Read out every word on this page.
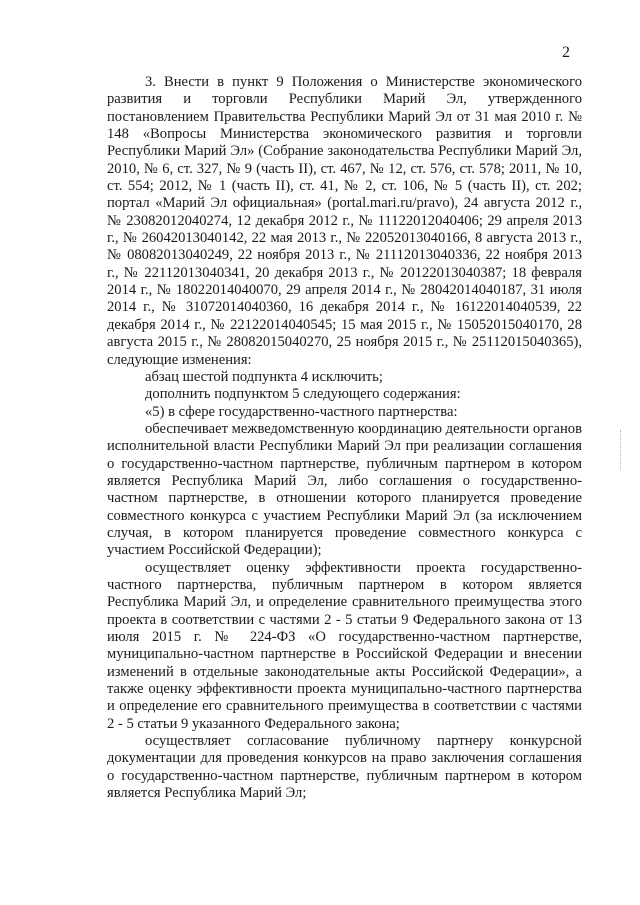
2

3. Внести в пункт 9 Положения о Министерстве экономического развития и торговли Республики Марий Эл, утвержденного постановлением Правительства Республики Марий Эл от 31 мая 2010 г. № 148 «Вопросы Министерства экономического развития и торговли Республики Марий Эл» (Собрание законодательства Республики Марий Эл, 2010, № 6, ст. 327, № 9 (часть II), ст. 467, № 12, ст. 576, ст. 578; 2011, № 10, ст. 554; 2012, № 1 (часть II), ст. 41, № 2, ст. 106, № 5 (часть II), ст. 202; портал «Марий Эл официальная» (portal.mari.ru/pravo), 24 августа 2012 г., № 23082012040274, 12 декабря 2012 г., № 11122012040406; 29 апреля 2013 г., № 26042013040142, 22 мая 2013 г., № 22052013040166, 8 августа 2013 г., № 08082013040249, 22 ноября 2013 г., № 21112013040336, 22 ноября 2013 г., № 22112013040341, 20 декабря 2013 г., № 20122013040387; 18 февраля 2014 г., № 18022014040070, 29 апреля 2014 г., № 28042014040187, 31 июля 2014 г., № 31072014040360, 16 декабря 2014 г., № 16122014040539, 22 декабря 2014 г., № 22122014040545; 15 мая 2015 г., № 15052015040170, 28 августа 2015 г., № 28082015040270, 25 ноября 2015 г., № 25112015040365), следующие изменения:

абзац шестой подпункта 4 исключить;

дополнить подпунктом 5 следующего содержания:

«5) в сфере государственно-частного партнерства:

обеспечивает межведомственную координацию деятельности органов исполнительной власти Республики Марий Эл при реализации соглашения о государственно-частном партнерстве, публичным партнером в котором является Республика Марий Эл, либо соглашения о государственно-частном партнерстве, в отношении которого планируется проведение совместного конкурса с участием Республики Марий Эл (за исключением случая, в котором планируется проведение совместного конкурса с участием Российской Федерации);

осуществляет оценку эффективности проекта государственно-частного партнерства, публичным партнером в котором является Республика Марий Эл, и определение сравнительного преимущества этого проекта в соответствии с частями 2 - 5 статьи 9 Федерального закона от 13 июля 2015 г. № 224-ФЗ «О государственно-частном партнерстве, муниципально-частном партнерстве в Российской Федерации и внесении изменений в отдельные законодательные акты Российской Федерации», а также оценку эффективности проекта муниципально-частного партнерства и определение его сравнительного преимущества в соответствии с частями 2 - 5 статьи 9 указанного Федерального закона;

осуществляет согласование публичному партнеру конкурсной документации для проведения конкурсов на право заключения соглашения о государственно-частном партнерстве, публичным партнером в котором является Республика Марий Эл;
